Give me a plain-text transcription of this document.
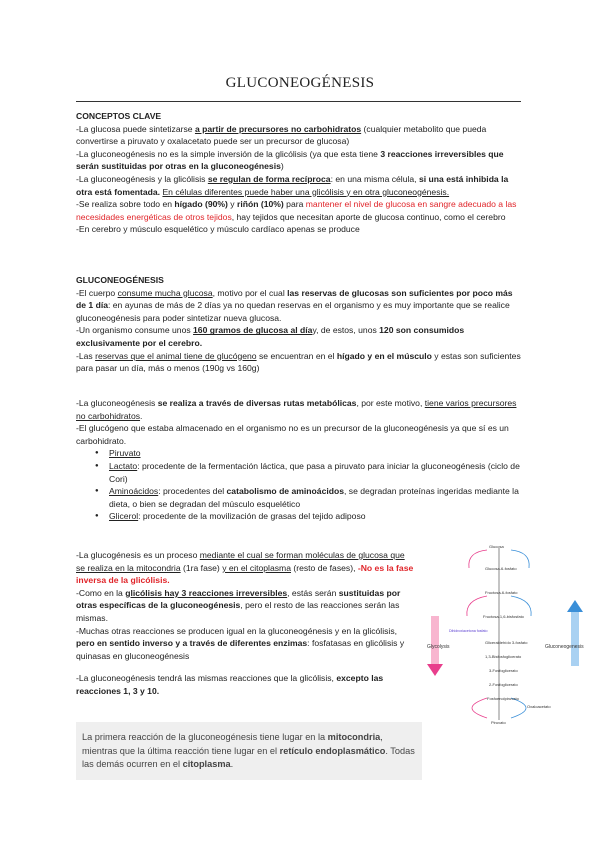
GLUCONEOGÉNESIS
CONCEPTOS CLAVE
-La glucosa puede sintetizarse a partir de precursores no carbohidratos (cualquier metabolito que pueda convertirse a piruvato y oxalacetato puede ser un precursor de glucosa)
-La gluconeogénesis no es la simple inversión de la glicólisis (ya que esta tiene 3 reacciones irreversibles que serán sustituidas por otras en la gluconeogénesis)
-La gluconeogénesis y la glicólisis se regulan de forma recíproca: en una misma célula, si una está inhibida la otra está fomentada. En células diferentes puede haber una glicólisis y en otra gluconeogénesis.
-Se realiza sobre todo en hígado (90%) y riñón (10%) para mantener el nivel de glucosa en sangre adecuado a las necesidades energéticas de otros tejidos, hay tejidos que necesitan aporte de glucosa continuo, como el cerebro
-En cerebro y músculo esquelético y músculo cardíaco apenas se produce
GLUCONEOGÉNESIS
-El cuerpo consume mucha glucosa, motivo por el cual las reservas de glucosas son suficientes por poco más de 1 día: en ayunas de más de 2 días ya no quedan reservas en el organismo y es muy importante que se realice gluconeogénesis para poder sintetizar nueva glucosa.
-Un organismo consume unos 160 gramos de glucosa al díay, de estos, unos 120 son consumidos exclusivamente por el cerebro.
-Las reservas que el animal tiene de glucógeno se encuentran en el hígado y en el músculo y estas son suficientes para pasar un día, más o menos (190g vs 160g)
-La gluconeogénesis se realiza a través de diversas rutas metabólicas, por este motivo, tiene varios precursores no carbohidratos.
-El glucógeno que estaba almacenado en el organismo no es un precursor de la gluconeogénesis ya que sí es un carbohidrato.
● Piruvato
● Lactato: procedente de la fermentación láctica, que pasa a piruvato para iniciar la gluconeogénesis (ciclo de Cori)
● Aminoácidos: procedentes del catabolismo de aminoácidos, se degradan proteínas ingeridas mediante la dieta, o bien se degradan del músculo esquelético
● Glicerol: procedente de la movilización de grasas del tejido adiposo
-La glucogénesis es un proceso mediante el cual se forman moléculas de glucosa que se realiza en la mitocondria (1ra fase) y en el citoplasma (resto de fases), -No es la fase inversa de la glicólisis.
-Como en la glicólisis hay 3 reacciones irreversibles, estás serán sustituidas por otras específicas de la gluconeogénesis, pero el resto de las reacciones serán las mismas.
-Muchas otras reacciones se producen igual en la gluconeogénesis y en la glicólisis, pero en sentido inverso y a través de diferentes enzimas: fosfatasas en glicólisis y quinasas en gluconeogénesis
-La gluconeogénesis tendrá las mismas reacciones que la glicólisis, excepto las reacciones 1, 3 y 10.
Glycolysis	Gluconeogenesis
Glucosa
Glucosa-6-fosfato
Fructosa-6-fosfato
Fructosa-1,6-bisfosfato
Dihidroxiacetona fosfato
Gliceraldehído 3-fosfato
1,3-Bisfosfoglicerato
3-Fosfoglicerato
2-Fosfoglicerato
Fosfoenolpiruvato
Oxaloacetato
Piruvato
La primera reacción de la gluconeogénesis tiene lugar en la mitocondria, mientras que la última reacción tiene lugar en el retículo endoplasmático. Todas las demás ocurren en el citoplasma.
